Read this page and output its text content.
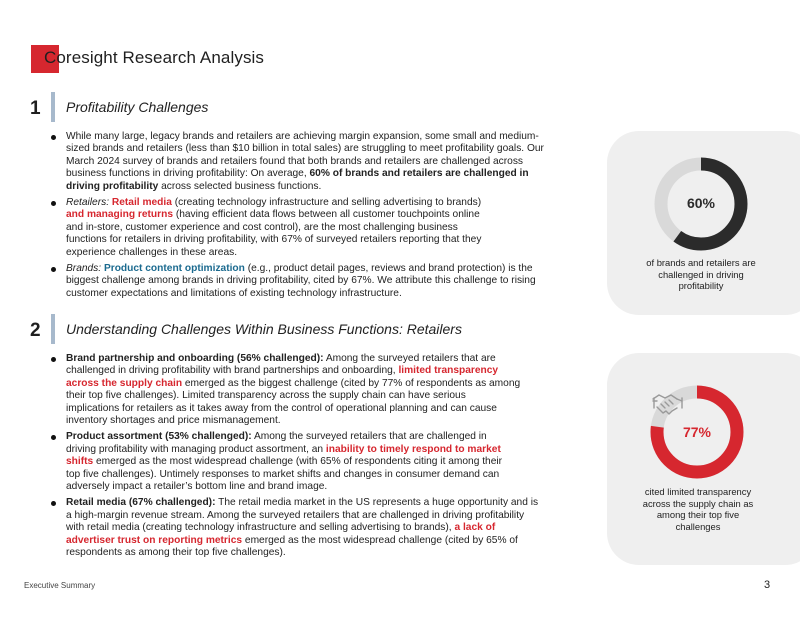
Coresight Research Analysis
1 Profitability Challenges
While many large, legacy brands and retailers are achieving margin expansion, some small and medium-sized brands and retailers (less than $10 billion in total sales) are struggling to meet profitability goals. Our March 2024 survey of brands and retailers found that both brands and retailers are challenged across business functions in driving profitability: On average, 60% of brands and retailers are challenged in driving profitability across selected business functions.
Retailers: Retail media (creating technology infrastructure and selling advertising to brands) and managing returns (having efficient data flows between all customer touchpoints online and in-store, customer experience and cost control), are the most challenging business functions for retailers in driving profitability, with 67% of surveyed retailers reporting that they experience challenges in these areas.
Brands: Product content optimization (e.g., product detail pages, reviews and brand protection) is the biggest challenge among brands in driving profitability, cited by 67%. We attribute this challenge to rising customer expectations and limitations of existing technology infrastructure.
2 Understanding Challenges Within Business Functions: Retailers
Brand partnership and onboarding (56% challenged): Among the surveyed retailers that are challenged in driving profitability with brand partnerships and onboarding, limited transparency across the supply chain emerged as the biggest challenge (cited by 77% of respondents as among their top five challenges). Limited transparency across the supply chain can have serious implications for retailers as it takes away from the control of operational planning and can cause inventory shortages and price mismanagement.
Product assortment (53% challenged): Among the surveyed retailers that are challenged in driving profitability with managing product assortment, an inability to timely respond to market shifts emerged as the most widespread challenge (with 65% of respondents citing it among their top five challenges). Untimely responses to market shifts and changes in consumer demand can adversely impact a retailer’s bottom line and brand image.
Retail media (67% challenged): The retail media market in the US represents a huge opportunity and is a high-margin revenue stream. Among the surveyed retailers that are challenged in driving profitability with retail media (creating technology infrastructure and selling advertising to brands), a lack of advertiser trust on reporting metrics emerged as the most widespread challenge (cited by 65% of respondents as among their top five challenges).
60%
of brands and retailers are challenged in driving profitability
77%
cited limited transparency across the supply chain as among their top five challenges
Executive Summary	3
